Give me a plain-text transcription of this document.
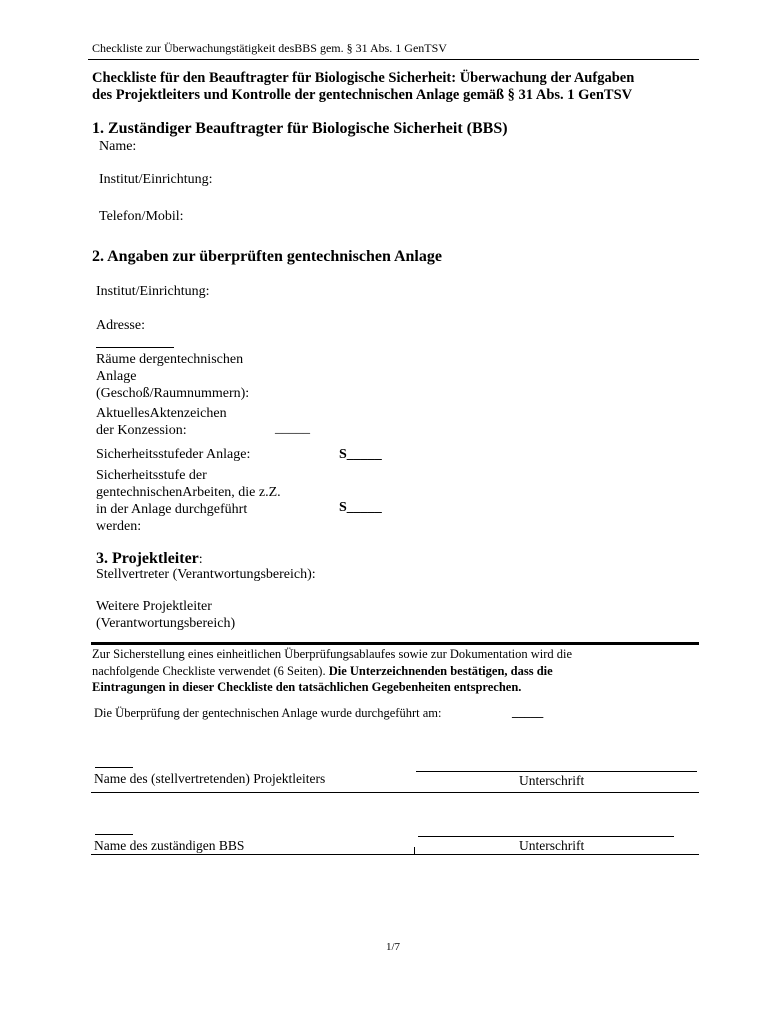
Checkliste zur Überwachungstätigkeit desBBS gem. § 31 Abs. 1 GenTSV
Checkliste für den Beauftragter für Biologische Sicherheit: Überwachung der Aufgaben
des Projektleiters und Kontrolle der gentechnischen Anlage gemäß § 31 Abs. 1 GenTSV
1. Zuständiger Beauftragter für Biologische Sicherheit (BBS)
Name:
Institut/Einrichtung:
Telefon/Mobil:
2. Angaben zur überprüften gentechnischen Anlage
Institut/Einrichtung:
Adresse:
Räume dergentechnischen
Anlage
(Geschoß/Raumnummern):
AktuellesAktenzeichen
der Konzession:	_____
Sicherheitsstufeder Anlage:	S_____
Sicherheitsstufe der
gentechnischenArbeiten, die z.Z.
in der Anlage durchgeführt
werden:
S_____
3. Projektleiter:
Stellvertreter (Verantwortungsbereich):
Weitere Projektleiter
(Verantwortungsbereich)
Zur Sicherstellung eines einheitlichen Überprüfungsablaufes sowie zur Dokumentation wird die
nachfolgende Checkliste verwendet (6 Seiten). Die Unterzeichnenden bestätigen, dass die
Eintragungen in dieser Checkliste den tatsächlichen Gegebenheiten entsprechen.
Die Überprüfung der gentechnischen Anlage wurde durchgeführt am:	_____
Name des (stellvertretenden) Projektleiters	Unterschrift
Name des zuständigen BBS	Unterschrift
1/7
